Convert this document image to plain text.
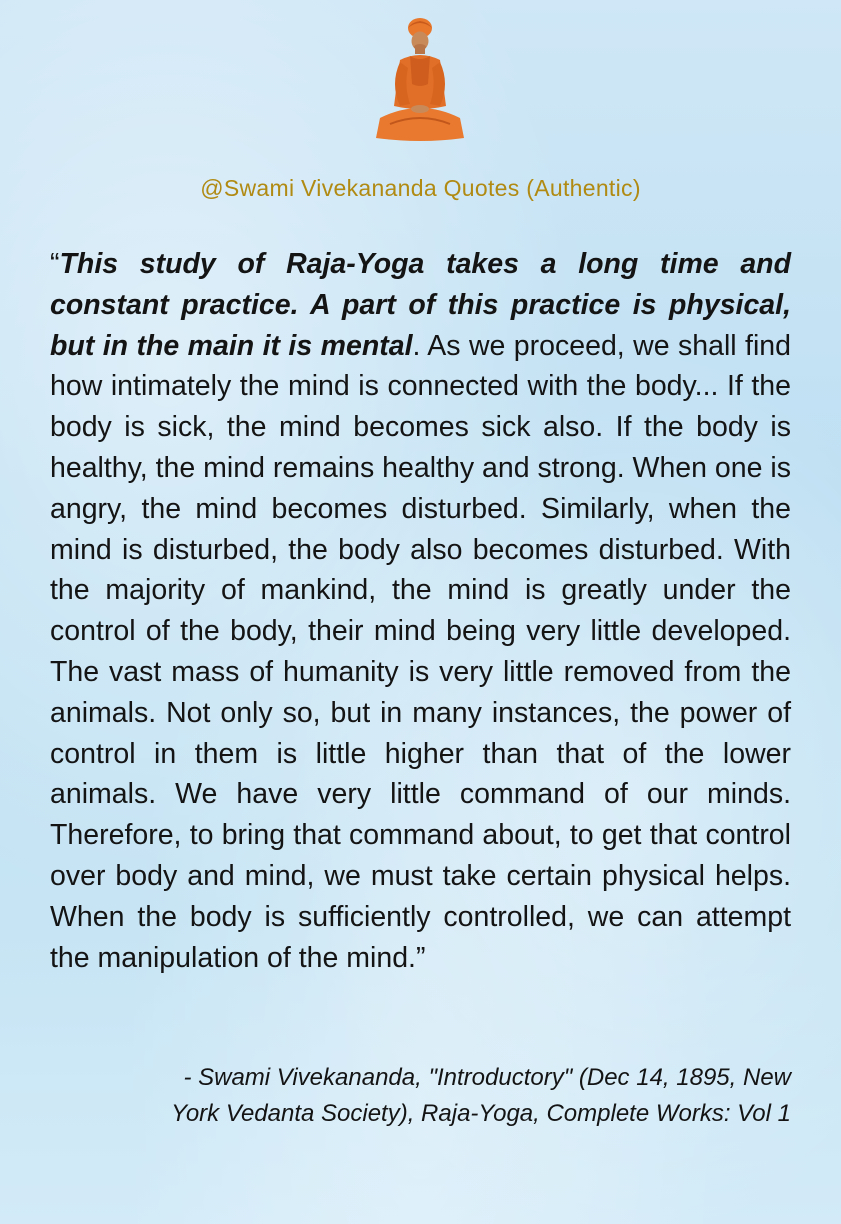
@Swami Vivekananda Quotes (Authentic)
“This study of Raja-Yoga takes a long time and constant practice. A part of this practice is physical, but in the main it is mental. As we proceed, we shall find how intimately the mind is connected with the body... If the body is sick, the mind becomes sick also. If the body is healthy, the mind remains healthy and strong. When one is angry, the mind becomes disturbed. Similarly, when the mind is disturbed, the body also becomes disturbed. With the majority of mankind, the mind is greatly under the control of the body, their mind being very little developed. The vast mass of humanity is very little removed from the animals. Not only so, but in many instances, the power of control in them is little higher than that of the lower animals. We have very little command of our minds. Therefore, to bring that command about, to get that control over body and mind, we must take certain physical helps. When the body is sufficiently controlled, we can attempt the manipulation of the mind.”
- Swami Vivekananda, "Introductory" (Dec 14, 1895, New
York Vedanta Society), Raja-Yoga, Complete Works: Vol 1
